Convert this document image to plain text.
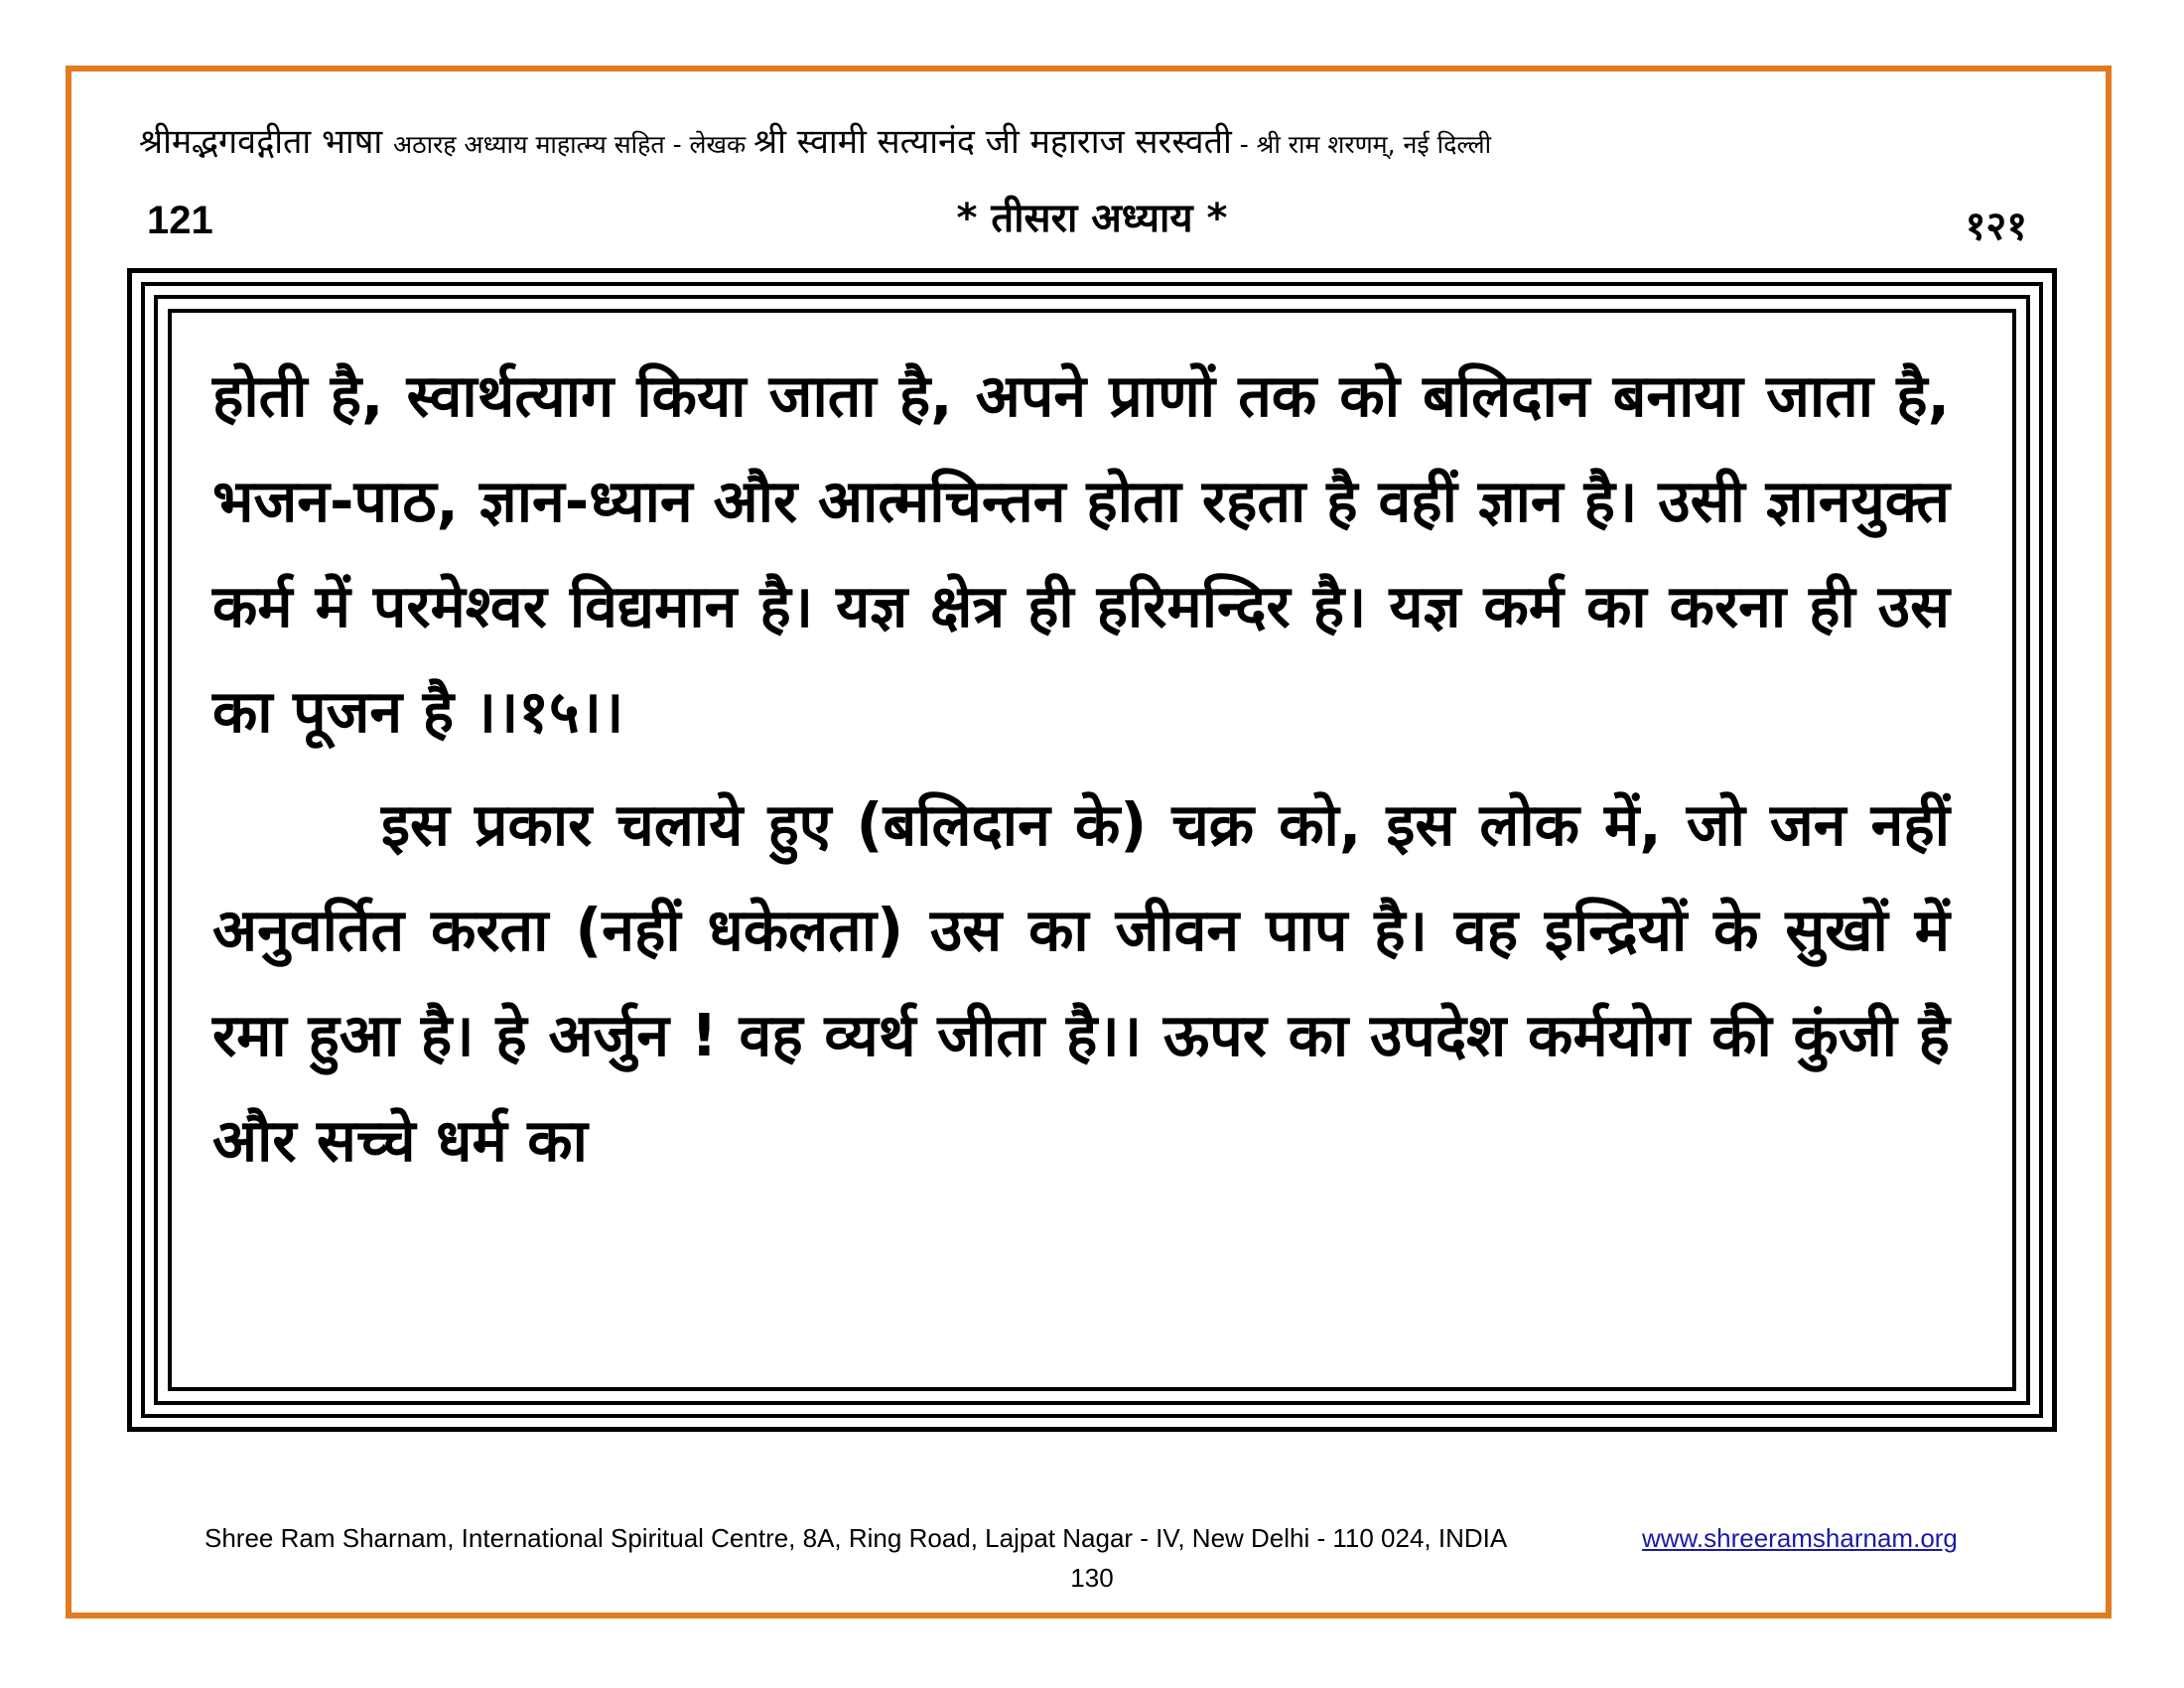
श्रीमद्भगवद्गीता भाषा अठारह अध्याय माहात्म्य सहित - लेखक श्री स्वामी सत्यानंद जी महाराज सरस्वती - श्री राम शरणम्, नई दिल्ली
121	* तीसरा अध्याय *	१२१

होती है, स्वार्थत्याग किया जाता है, अपने प्राणों तक को बलिदान बनाया जाता है, भजन-पाठ, ज्ञान-ध्यान और आत्मचिन्तन होता रहता है वहीं ज्ञान है। उसी ज्ञानयुक्त कर्म में परमेश्वर विद्यमान है। यज्ञ क्षेत्र ही हरिमन्दिर है। यज्ञ कर्म का करना ही उस का पूजन है ।।१५।।

इस प्रकार चलाये हुए (बलिदान के) चक्र को, इस लोक में, जो जन नहीं अनुवर्तित करता (नहीं धकेलता) उस का जीवन पाप है। वह इन्द्रियों के सुखों में रमा हुआ है। हे अर्जुन ! वह व्यर्थ जीता है।। ऊपर का उपदेश कर्मयोग की कुंजी है और सच्चे धर्म का

Shree Ram Sharnam, International Spiritual Centre, 8A, Ring Road, Lajpat Nagar - IV, New Delhi - 110 024, INDIA	www.shreeramsharnam.org
130
